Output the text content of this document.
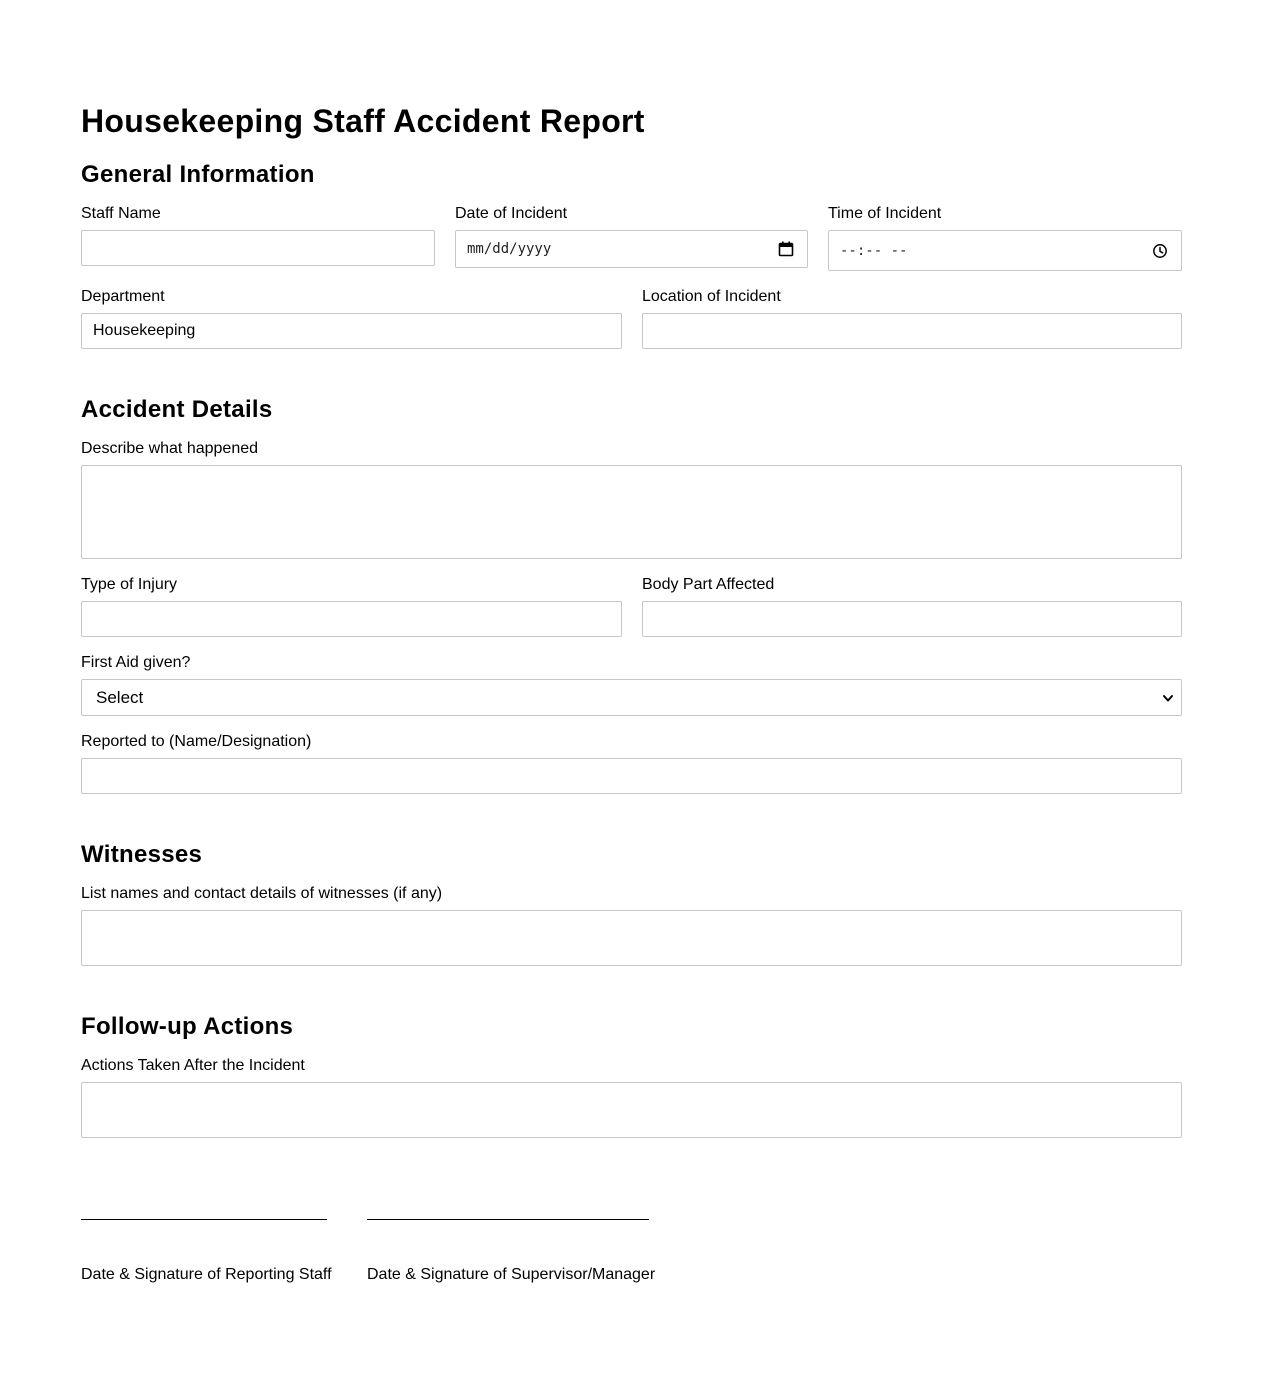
Housekeeping Staff Accident Report
General Information
Staff Name	Date of Incident
mm/dd/yyyy
Time of Incident
--:-- --
Department
Housekeeping
Location of Incident
Accident Details
Describe what happened
Type of Injury	Body Part Affected
First Aid given?
Select
Reported to (Name/Designation)
Witnesses
List names and contact details of witnesses (if any)
Follow-up Actions
Actions Taken After the Incident
Date & Signature of Reporting Staff Date & Signature of Supervisor/Manager
